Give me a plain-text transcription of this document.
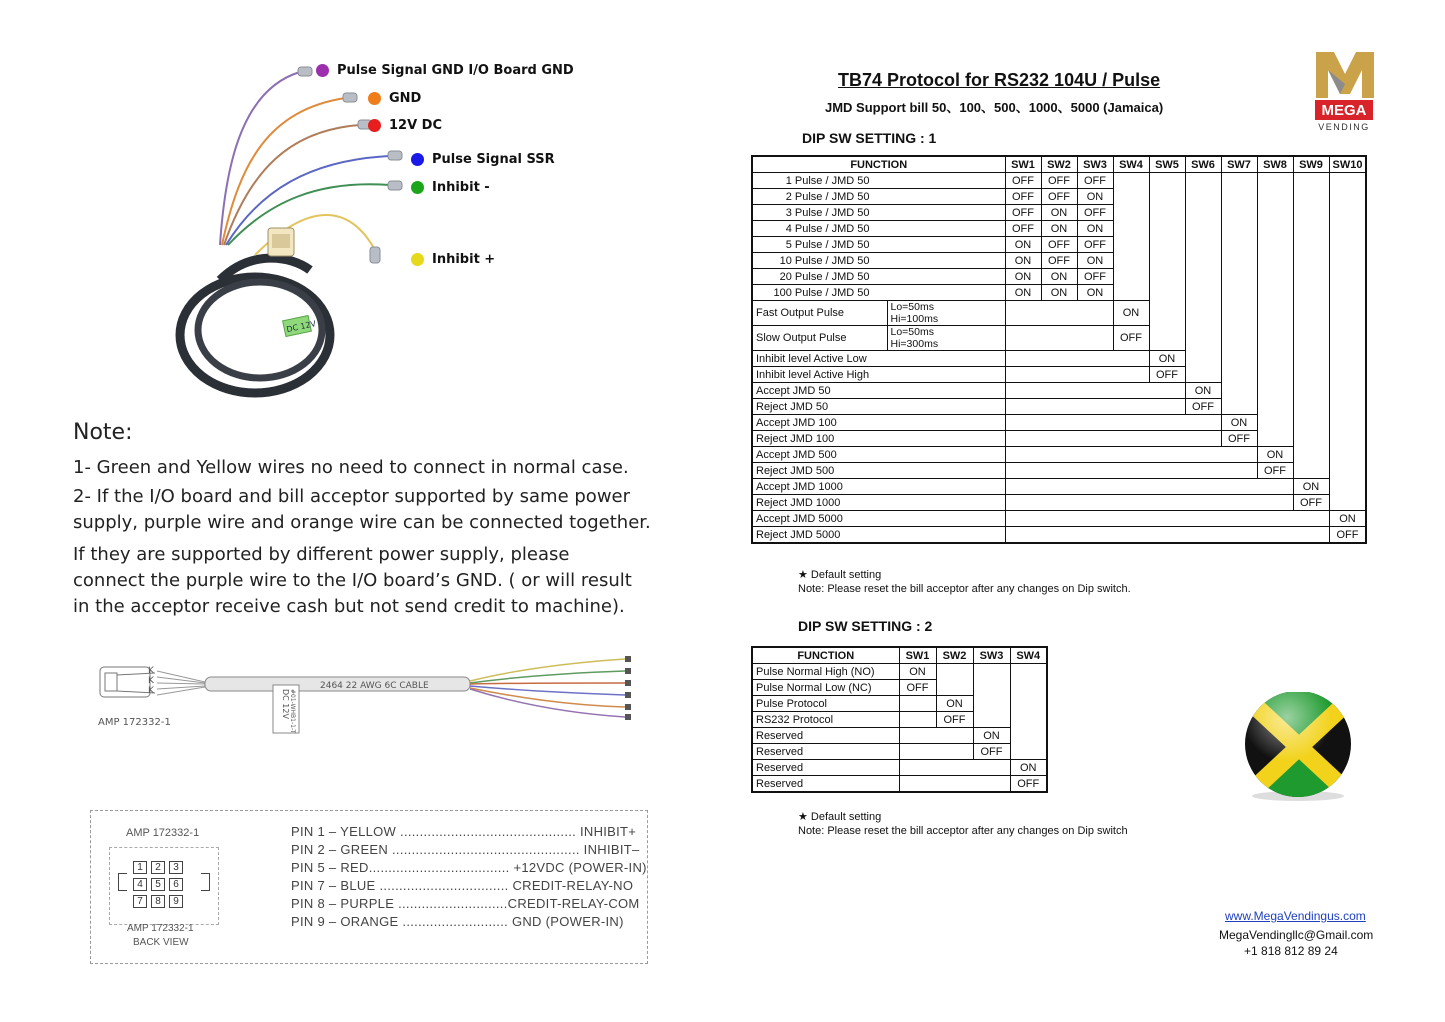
DC 12V
Pulse Signal GND I/O Board GND
GND
12V DC
Pulse Signal SSR
Inhibit -
Inhibit +
Note:
1- Green and Yellow wires no need to connect in normal case.
2- If the I/O board and bill acceptor supported by same power
supply, purple wire and orange wire can be connected together.
If they are supported by different power supply, please
connect the purple wire to the I/O board’s GND. ( or will result
in the acceptor receive cash but not send credit to machine).
K
K
K	2464 22 AWG 6C CABLE
DC 12V #01-WHB1-1-T
AMP 172332-1
AMP 172332-1
1	2	3
4	5	6
7	8	9
AMP 172332-1
BACK VIEW
PIN 1 – YELLOW ............................................. INHIBIT+
PIN 2 – GREEN ................................................ INHIBIT–
PIN 5 – RED.................................... +12VDC (POWER-IN)
PIN 7 – BLUE ................................. CREDIT-RELAY-NO
PIN 8 – PURPLE ............................CREDIT-RELAY-COM
PIN 9 – ORANGE ........................... GND (POWER-IN)
TB74 Protocol for RS232 104U / Pulse
JMD Support bill 50、100、500、1000、5000 (Jamaica)	MEGA
VENDING
DIP SW SETTING : 1
FUNCTION		SW1	SW2	SW3	SW4	SW5	SW6	SW7	SW8	SW9	SW10
1 Pulse / JMD 50		OFF	OFF	OFF							
2 Pulse / JMD 50		OFF	OFF	ON							
3 Pulse / JMD 50		OFF	ON	OFF							
4 Pulse / JMD 50		OFF	ON	ON							
5 Pulse / JMD 50		ON	OFF	OFF							
10 Pulse / JMD 50		ON	OFF	ON							
20 Pulse / JMD 50		ON	ON	OFF							
100 Pulse / JMD 50		ON	ON	ON							
Fast Output Pulse	Lo=50ms
Hi=100ms				ON						
Slow Output Pulse	Lo=50ms
Hi=300ms				OFF						
Inhibit level Active Low						ON					
Inhibit level Active High						OFF					
Accept JMD 50							ON				
Reject JMD 50							OFF				
Accept JMD 100								ON			
Reject JMD 100								OFF			
Accept JMD 500									ON		
Reject JMD 500									OFF		
Accept JMD 1000										ON	
Reject JMD 1000										OFF	
Accept JMD 5000											ON
Reject JMD 5000											OFF
★ Default setting
Note: Please reset the bill acceptor after any changes on Dip switch.
DIP SW SETTING : 2
FUNCTION	SW1	SW2	SW3	SW4
Pulse Normal High (NO)	ON			
Pulse Normal Low (NC)	OFF			
Pulse Protocol		ON		
RS232 Protocol		OFF		
Reserved			ON	
Reserved			OFF	
Reserved				ON
Reserved				OFF
★ Default setting
Note: Please reset the bill acceptor after any changes on Dip switch
www.MegaVendingus.com
MegaVendingllc@Gmail.com
+1 818 812 89 24
